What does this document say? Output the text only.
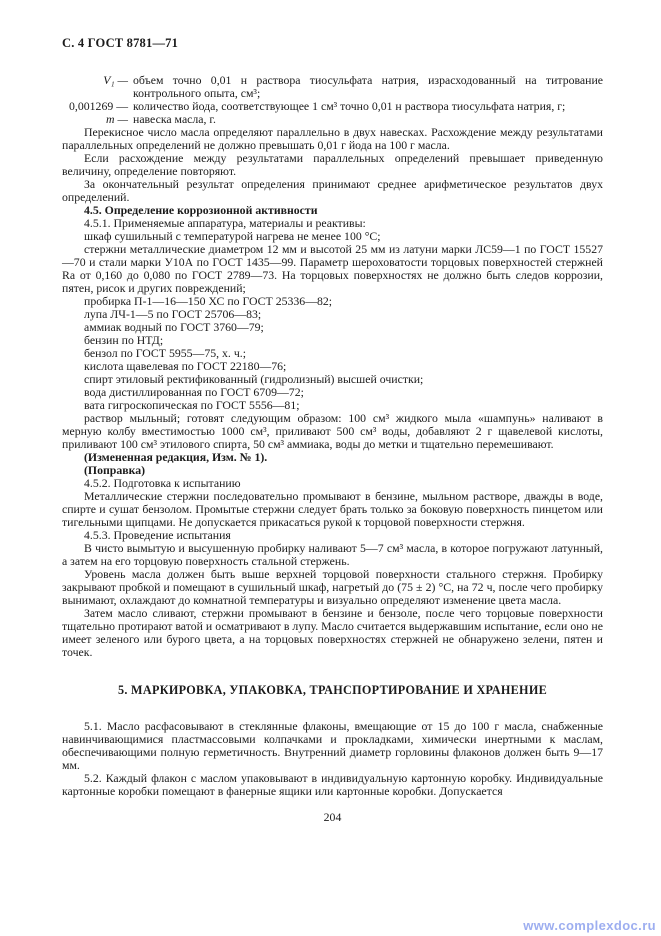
С. 4 ГОСТ 8781—71
V₁ — объем точно 0,01 н раствора тиосульфата натрия, израсходованный на титрование контрольного опыта, см³;
0,001269 — количество йода, соответствующее 1 см³ точно 0,01 н раствора тиосульфата натрия, г;
m — навеска масла, г.

Перекисное число масла определяют параллельно в двух навесках. Расхождение между результатами параллельных определений не должно превышать 0,01 г йода на 100 г масла.

Если расхождение между результатами параллельных определений превышает приведенную величину, определение повторяют.

За окончательный результат определения принимают среднее арифметическое результатов двух определений.

4.5. Определение коррозионной активности

4.5.1. Применяемые аппаратура, материалы и реактивы:

шкаф сушильный с температурой нагрева не менее 100 °С;

стержни металлические диаметром 12 мм и высотой 25 мм из латуни марки ЛС59—1 по ГОСТ 15527—70 и стали марки У10А по ГОСТ 1435—99. Параметр шероховатости торцовых поверхностей стержней Ra от 0,160 до 0,080 по ГОСТ 2789—73. На торцовых поверхностях не должно быть следов коррозии, пятен, рисок и других повреждений;

пробирка П-1—16—150 ХС по ГОСТ 25336—82;

лупа ЛЧ-1—5 по ГОСТ 25706—83;

аммиак водный по ГОСТ 3760—79;

бензин по НТД;

бензол по ГОСТ 5955—75, х. ч.;

кислота щавелевая по ГОСТ 22180—76;

спирт этиловый ректификованный (гидролизный) высшей очистки;

вода дистиллированная по ГОСТ 6709—72;

вата гигроскопическая по ГОСТ 5556—81;

раствор мыльный; готовят следующим образом: 100 см³ жидкого мыла «шампунь» наливают в мерную колбу вместимостью 1000 см³, приливают 500 см³ воды, добавляют 2 г щавелевой кислоты, приливают 100 см³ этилового спирта, 50 см³ аммиака, воды до метки и тщательно перемешивают.

(Измененная редакция, Изм. № 1).

(Поправка)

4.5.2. Подготовка к испытанию

Металлические стержни последовательно промывают в бензине, мыльном растворе, дважды в воде, спирте и сушат бензолом. Промытые стержни следует брать только за боковую поверхность пинцетом или тигельными щипцами. Не допускается прикасаться рукой к торцовой поверхности стержня.

4.5.3. Проведение испытания

В чисто вымытую и высушенную пробирку наливают 5—7 см³ масла, в которое погружают латунный, а затем на его торцовую поверхность стальной стержень.

Уровень масла должен быть выше верхней торцовой поверхности стального стержня. Пробирку закрывают пробкой и помещают в сушильный шкаф, нагретый до (75 ± 2) °С, на 72 ч, после чего пробирку вынимают, охлаждают до комнатной температуры и визуально определяют изменение цвета масла.

Затем масло сливают, стержни промывают в бензине и бензоле, после чего торцовые поверхности тщательно протирают ватой и осматривают в лупу. Масло считается выдержавшим испытание, если оно не имеет зеленого или бурого цвета, а на торцовых поверхностях стержней не обнаружено зелени, пятен и точек.

5. МАРКИРОВКА, УПАКОВКА, ТРАНСПОРТИРОВАНИЕ И ХРАНЕНИЕ

5.1. Масло расфасовывают в стеклянные флаконы, вмещающие от 15 до 100 г масла, снабженные навинчивающимися пластмассовыми колпачками и прокладками, химически инертными к маслам, обеспечивающими полную герметичность. Внутренний диаметр горловины флаконов должен быть 9—17 мм.

5.2. Каждый флакон с маслом упаковывают в индивидуальную картонную коробку. Индивидуальные картонные коробки помещают в фанерные ящики или картонные коробки. Допускается

204
www.complexdoc.ru
